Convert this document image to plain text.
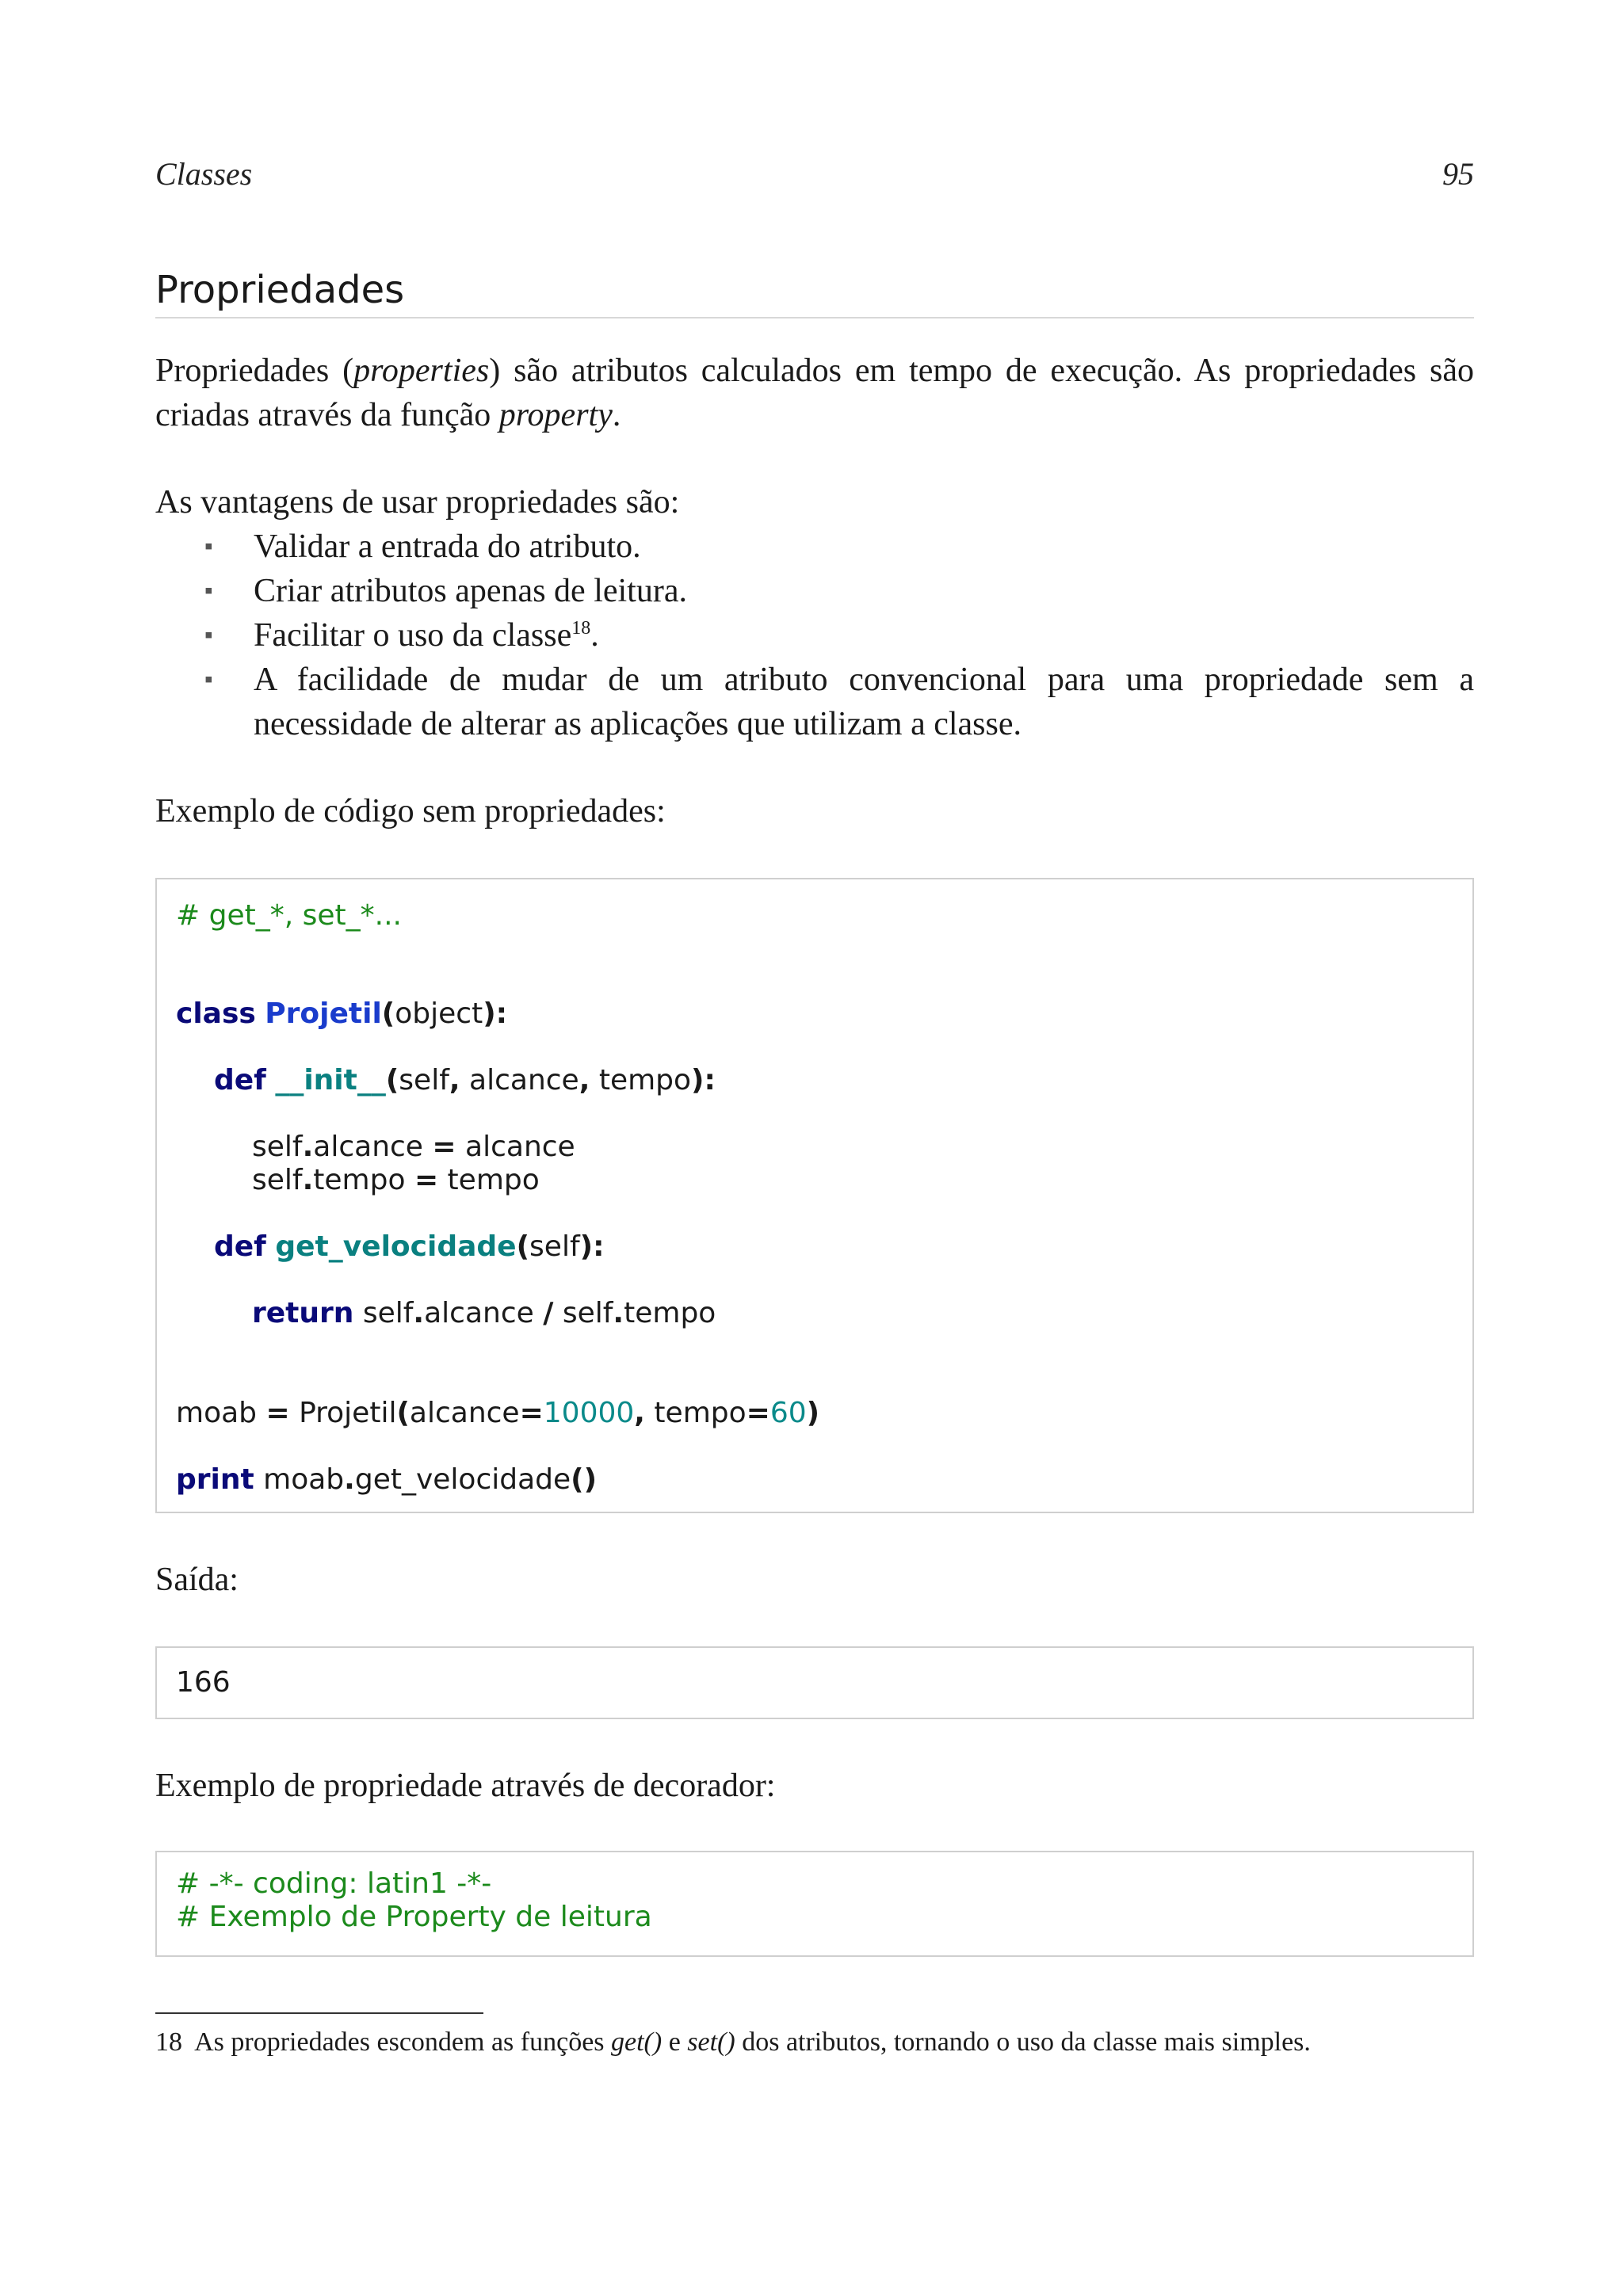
Classes	95
Propriedades
Propriedades (properties) são atributos calculados em tempo de execução. As propriedades são criadas através da função property.
As vantagens de usar propriedades são:
▪ Validar a entrada do atributo.
▪ Criar atributos apenas de leitura.
▪ Facilitar o uso da classe$^{18}$.
▪ A facilidade de mudar de um atributo convencional para uma propriedade sem a necessidade de alterar as aplicações que utilizam a classe.
Exemplo de código sem propriedades:
# get_*, set_*...
class Projetil(object):
def __init__(self, alcance, tempo):
self.alcance = alcance
self.tempo = tempo
def get_velocidade(self):
return self.alcance / self.tempo
moab = Projetil(alcance=10000, tempo=60)
print moab.get_velocidade()
Saída:
166
Exemplo de propriedade através de decorador:
# -*- coding: latin1 -*-
# Exemplo de Property de leitura
18  As propriedades escondem as funções get() e set() dos atributos, tornando o uso da classe mais simples.
